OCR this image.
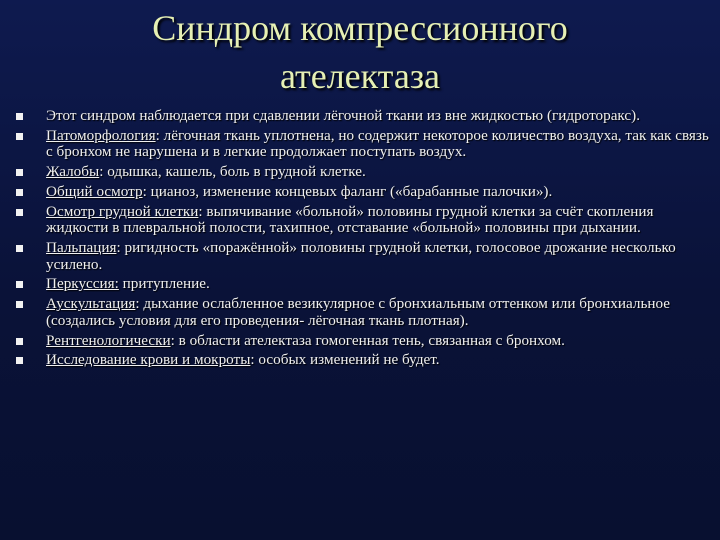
Синдром компрессионного
ателектаза
Этот синдром наблюдается при сдавлении лёгочной ткани из вне жидкостью (гидроторакс).
Патоморфология: лёгочная ткань уплотнена, но содержит некоторое количество воздуха, так как связь с бронхом не нарушена и в легкие продолжает поступать воздух.
Жалобы: одышка, кашель, боль в грудной клетке.
Общий осмотр: цианоз, изменение концевых фаланг («барабанные палочки»).
Осмотр грудной клетки: выпячивание «больной» половины грудной клетки за счёт скопления жидкости в плевральной полости, тахипное, отставание «больной» половины при дыхании.
Пальпация: ригидность «поражённой» половины грудной клетки, голосовое дрожание несколько усилено.
Перкуссия: притупление.
Аускультация: дыхание ослабленное везикулярное с бронхиальным оттенком или бронхиальное (создались условия для его проведения- лёгочная ткань плотная).
Рентгенологически: в области ателектаза гомогенная тень, связанная с бронхом.
Исследование крови и мокроты: особых изменений не будет.
